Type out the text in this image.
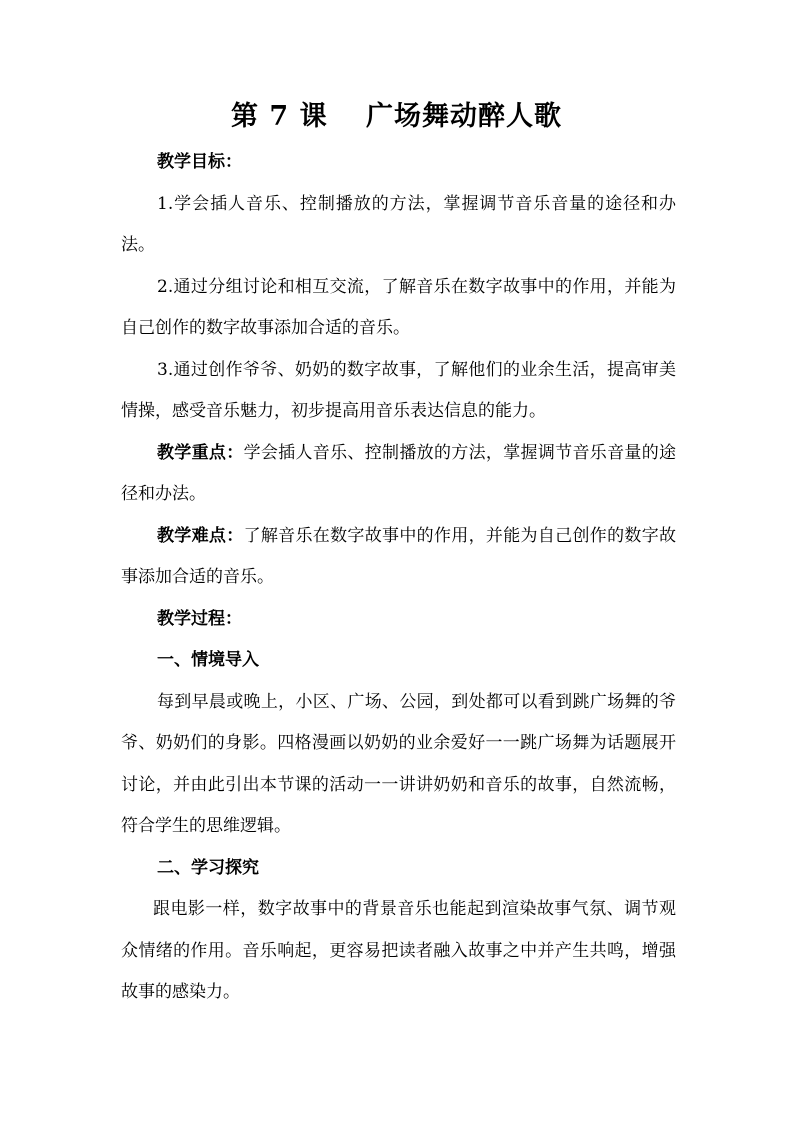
第 7 课　 广场舞动醉人歌

教学目标：

1.学会插人音乐、控制播放的方法，掌握调节音乐音量的途径和办法。

2.通过分组讨论和相互交流，了解音乐在数字故事中的作用，并能为自己创作的数字故事添加合适的音乐。

3.通过创作爷爷、奶奶的数字故事，了解他们的业余生活，提高审美情操，感受音乐魅力，初步提高用音乐表达信息的能力。

教学重点：学会插人音乐、控制播放的方法，掌握调节音乐音量的途径和办法。

教学难点：了解音乐在数字故事中的作用，并能为自己创作的数字故事添加合适的音乐。

教学过程：

一、情境导入

每到早晨或晚上，小区、广场、公园，到处都可以看到跳广场舞的爷爷、奶奶们的身影。四格漫画以奶奶的业余爱好一一跳广场舞为话题展开讨论，并由此引出本节课的活动一一讲讲奶奶和音乐的故事，自然流畅，符合学生的思维逻辑。

二、学习探究

跟电影一样，数字故事中的背景音乐也能起到渲染故事气氛、调节观众情绪的作用。音乐响起，更容易把读者融入故事之中并产生共鸣，增强故事的感染力。
